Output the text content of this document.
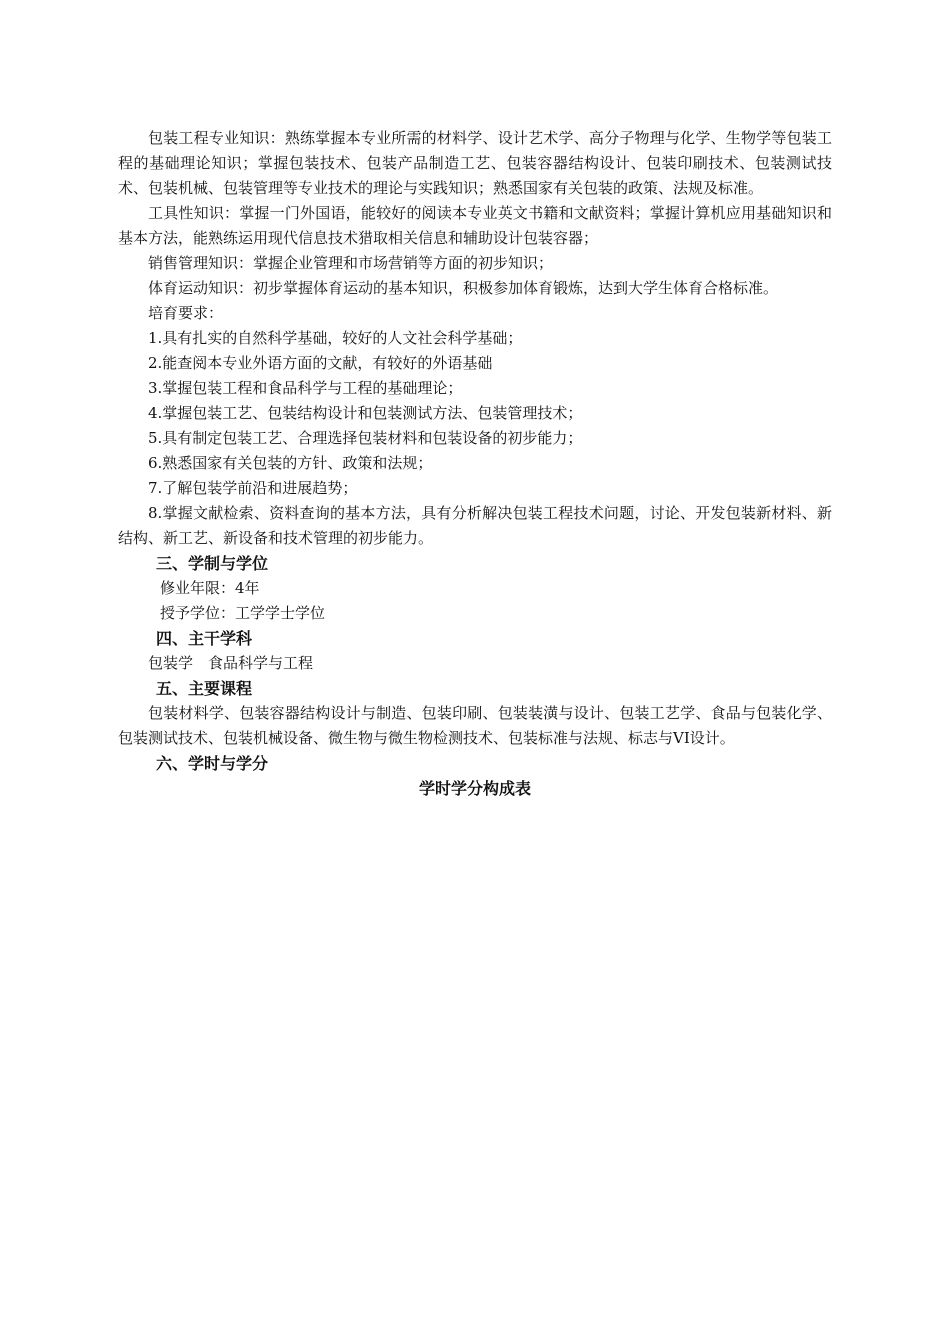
包装工程专业知识：熟练掌握本专业所需的材料学、设计艺术学、高分子物理与化学、生物学等包装工程的基础理论知识；掌握包装技术、包装产品制造工艺、包装容器结构设计、包装印刷技术、包装测试技术、包装机械、包装管理等专业技术的理论与实践知识；熟悉国家有关包装的政策、法规及标准。

工具性知识：掌握一门外国语，能较好的阅读本专业英文书籍和文献资料；掌握计算机应用基础知识和基本方法，能熟练运用现代信息技术猎取相关信息和辅助设计包装容器；

销售管理知识：掌握企业管理和市场营销等方面的初步知识；

体育运动知识：初步掌握体育运动的基本知识，积极参加体育锻炼，达到大学生体育合格标准。

培育要求：

1.具有扎实的自然科学基础，较好的人文社会科学基础；

2.能查阅本专业外语方面的文献，有较好的外语基础

3.掌握包装工程和食品科学与工程的基础理论；

4.掌握包装工艺、包装结构设计和包装测试方法、包装管理技术；

5.具有制定包装工艺、合理选择包装材料和包装设备的初步能力；

6.熟悉国家有关包装的方针、政策和法规；

7.了解包装学前沿和进展趋势；

8.掌握文献检索、资料查询的基本方法，具有分析解决包装工程技术问题，讨论、开发包装新材料、新结构、新工艺、新设备和技术管理的初步能力。

三、学制与学位

修业年限：4年

授予学位：工学学士学位

四、主干学科

包装学　食品科学与工程

五、主要课程

包装材料学、包装容器结构设计与制造、包装印刷、包装装潢与设计、包装工艺学、食品与包装化学、包装测试技术、包装机械设备、微生物与微生物检测技术、包装标准与法规、标志与VI设计。

六、学时与学分
学时学分构成表
